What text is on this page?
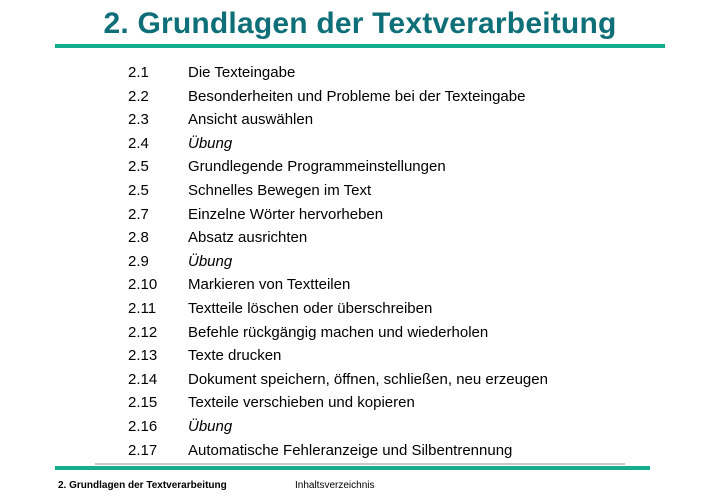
2. Grundlagen der Textverarbeitung
2.1	Die Texteingabe
2.2	Besonderheiten und Probleme bei der Texteingabe
2.3	Ansicht auswählen
2.4	Übung
2.5	Grundlegende Programmeinstellungen
2.5	Schnelles Bewegen im Text
2.7	Einzelne Wörter hervorheben
2.8	Absatz ausrichten
2.9	Übung
2.10 Markieren von Textteilen
2.11 Textteile löschen oder überschreiben
2.12 Befehle rückgängig machen und wiederholen
2.13 Texte drucken
2.14 Dokument speichern, öffnen, schließen, neu erzeugen
2.15 Texteile verschieben und kopieren
2.16 Übung
2.17 Automatische Fehleranzeige und Silbentrennung
2. Grundlagen der Textverarbeitung	Inhaltsverzeichnis
